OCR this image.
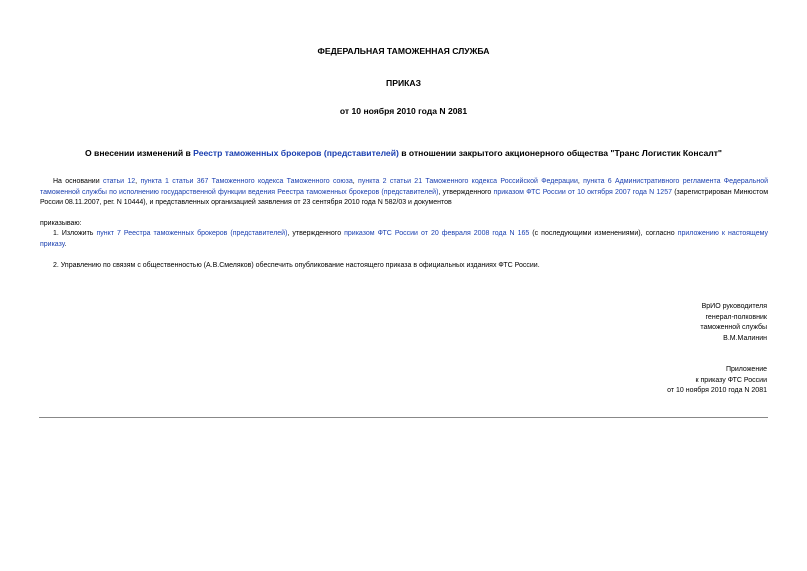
ФЕДЕРАЛЬНАЯ ТАМОЖЕННАЯ СЛУЖБА
ПРИКАЗ
от 10 ноября 2010 года N 2081
О внесении изменений в Реестр таможенных брокеров (представителей) в отношении закрытого акционерного общества "Транс Логистик Консалт"
На основании статьи 12, пункта 1 статьи 367 Таможенного кодекса Таможенного союза, пункта 2 статьи 21 Таможенного кодекса Российской Федерации, пункта 6 Административного регламента Федеральной таможенной службы по исполнению государственной функции ведения Реестра таможенных брокеров (представителей), утвержденного приказом ФТС России от 10 октября 2007 года N 1257 (зарегистрирован Минюстом России 08.11.2007, рег. N 10444), и представленных организацией заявления от 23 сентября 2010 года N 582/03 и документов
приказываю:
1. Изложить пункт 7 Реестра таможенных брокеров (представителей), утвержденного приказом ФТС России от 20 февраля 2008 года N 165 (с последующими изменениями), согласно приложению к настоящему приказу.
2. Управлению по связям с общественностью (А.В.Смеляков) обеспечить опубликование настоящего приказа в официальных изданиях ФТС России.
ВрИО руководителя
генерал-полковник
таможенной службы
В.М.Малинин
Приложение
к приказу ФТС России
от 10 ноября 2010 года N 2081
